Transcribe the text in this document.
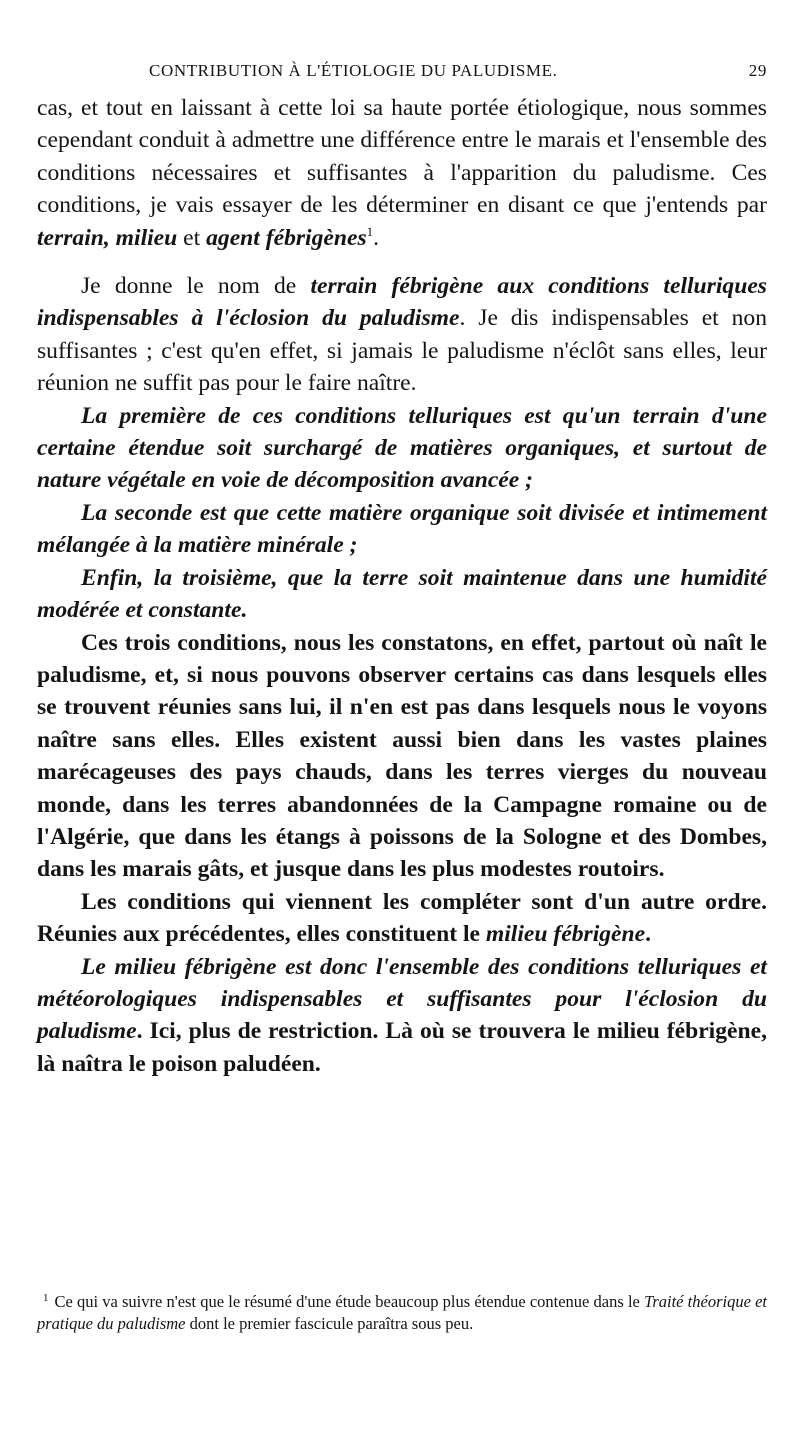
CONTRIBUTION À L'ÉTIOLOGIE DU PALUDISME.	29

cas, et tout en laissant à cette loi sa haute portée étiologique, nous sommes cependant conduit à admettre une différence entre le marais et l'ensemble des conditions nécessaires et suffisantes à l'apparition du paludisme. Ces conditions, je vais essayer de les déterminer en disant ce que j'entends par terrain, milieu et agent fébrigènes$^1$.

Je donne le nom de terrain fébrigène aux conditions telluriques indispensables à l'éclosion du paludisme. Je dis indispensables et non suffisantes ; c'est qu'en effet, si jamais le paludisme n'éclôt sans elles, leur réunion ne suffit pas pour le faire naître.

La première de ces conditions telluriques est qu'un terrain d'une certaine étendue soit surchargé de matières organiques, et surtout de nature végétale en voie de décomposition avancée ;

La seconde est que cette matière organique soit divisée et intimement mélangée à la matière minérale ;

Enfin, la troisième, que la terre soit maintenue dans une humidité modérée et constante.

Ces trois conditions, nous les constatons, en effet, partout où naît le paludisme, et, si nous pouvons observer certains cas dans lesquels elles se trouvent réunies sans lui, il n'en est pas dans lesquels nous le voyons naître sans elles. Elles existent aussi bien dans les vastes plaines marécageuses des pays chauds, dans les terres vierges du nouveau monde, dans les terres abandonnées de la Campagne romaine ou de l'Algérie, que dans les étangs à poissons de la Sologne et des Dombes, dans les marais gâts, et jusque dans les plus modestes routoirs.

Les conditions qui viennent les compléter sont d'un autre ordre. Réunies aux précédentes, elles constituent le milieu fébrigène.

Le milieu fébrigène est donc l'ensemble des conditions telluriques et météorologiques indispensables et suffisantes pour l'éclosion du paludisme. Ici, plus de restriction. Là où se trouvera le milieu fébrigène, là naîtra le poison paludéen.

$^1$ Ce qui va suivre n'est que le résumé d'une étude beaucoup plus étendue contenue dans le Traité théorique et pratique du paludisme dont le premier fascicule paraîtra sous peu.
